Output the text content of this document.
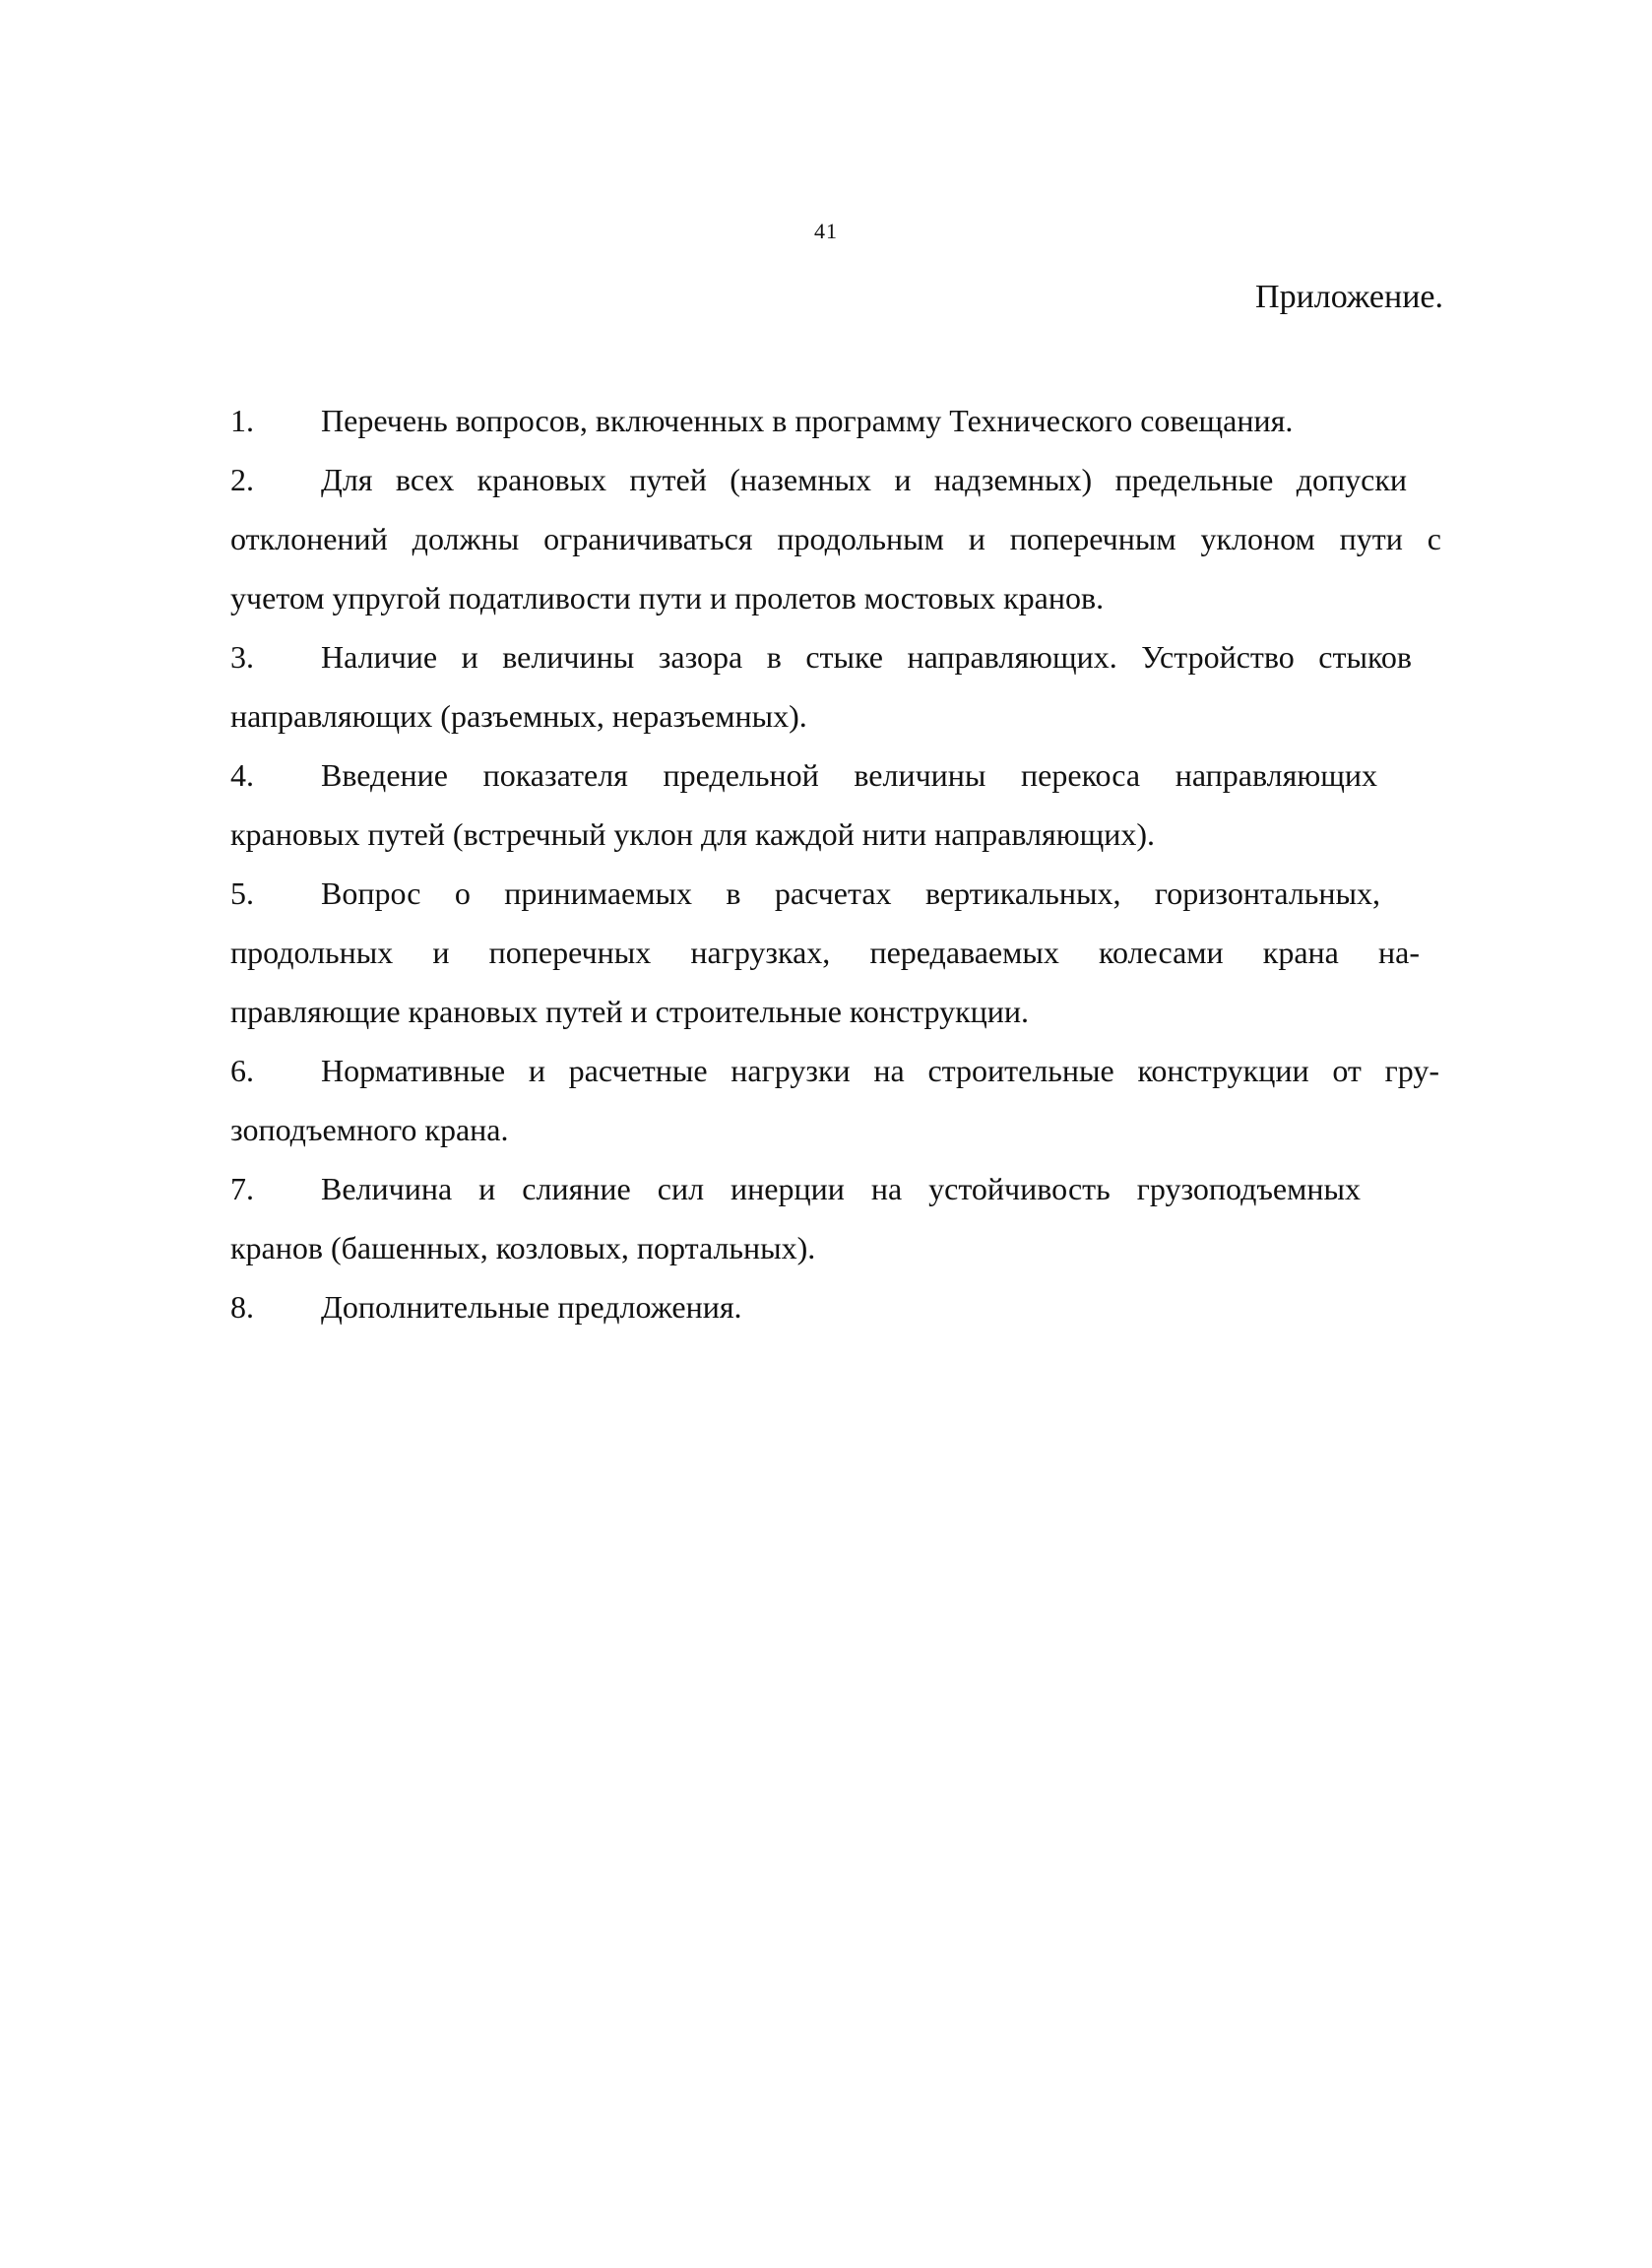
41
Приложение.
1. Перечень вопросов, включенных в программу Технического совещания.
2. Для всех крановых путей (наземных и надземных) предельные допуски
отклонений должны ограничиваться продольным и поперечным уклоном пути с
учетом упругой податливости пути и пролетов мостовых кранов.
3. Наличие и величины зазора в стыке направляющих. Устройство стыков
направляющих (разъемных, неразъемных).
4. Введение показателя предельной величины перекоса направляющих
крановых путей (встречный уклон для каждой нити направляющих).
5. Вопрос о принимаемых в расчетах вертикальных, горизонтальных,
продольных и поперечных нагрузках, передаваемых колесами крана на-
правляющие крановых путей и строительные конструкции.
6. Нормативные и расчетные нагрузки на строительные конструкции от гру-
зоподъемного крана.
7. Величина и слияние сил инерции на устойчивость грузоподъемных
кранов (башенных, козловых, портальных).
8. Дополнительные предложения.
